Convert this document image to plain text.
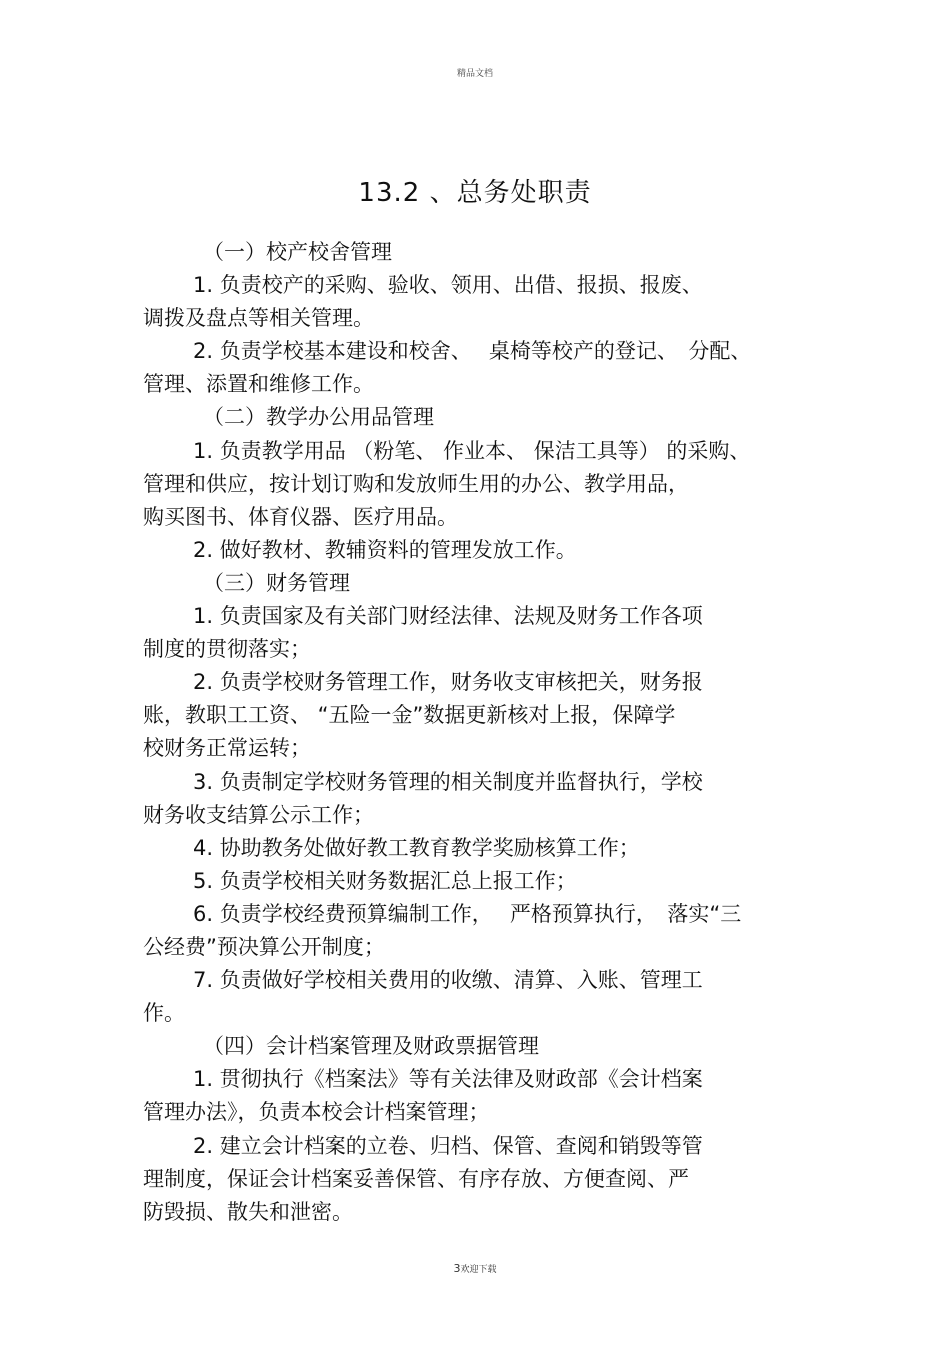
精品文档
13.2 、总务处职责
（一）校产校舍管理
1. 负责校产的采购、验收、领用、出借、报损、报废、
调拨及盘点等相关管理。
2. 负责学校基本建设和校舍、　 桌椅等校产的登记、　分配、
管理、添置和维修工作。
（二）教学办公用品管理
1. 负责教学用品 （粉笔、 作业本、 保洁工具等） 的采购、
管理和供应，按计划订购和发放师生用的办公、教学用品，
购买图书、体育仪器、医疗用品。
2. 做好教材、教辅资料的管理发放工作。
（三）财务管理
1. 负责国家及有关部门财经法律、法规及财务工作各项
制度的贯彻落实；
2. 负责学校财务管理工作，财务收支审核把关，财务报
账，教职工工资、 “五险一金”数据更新核对上报，保障学
校财务正常运转；
3. 负责制定学校财务管理的相关制度并监督执行，学校
财务收支结算公示工作；
4. 协助教务处做好教工教育教学奖励核算工作；
5. 负责学校相关财务数据汇总上报工作；
6. 负责学校经费预算编制工作，　 严格预算执行，　落实“三
公经费”预决算公开制度；
7. 负责做好学校相关费用的收缴、清算、入账、管理工
作。
（四）会计档案管理及财政票据管理
1. 贯彻执行《档案法》等有关法律及财政部《会计档案
管理办法》，负责本校会计档案管理；
2. 建立会计档案的立卷、归档、保管、查阅和销毁等管
理制度，保证会计档案妥善保管、有序存放、方便查阅、严
防毁损、散失和泄密。
3欢迎下载
